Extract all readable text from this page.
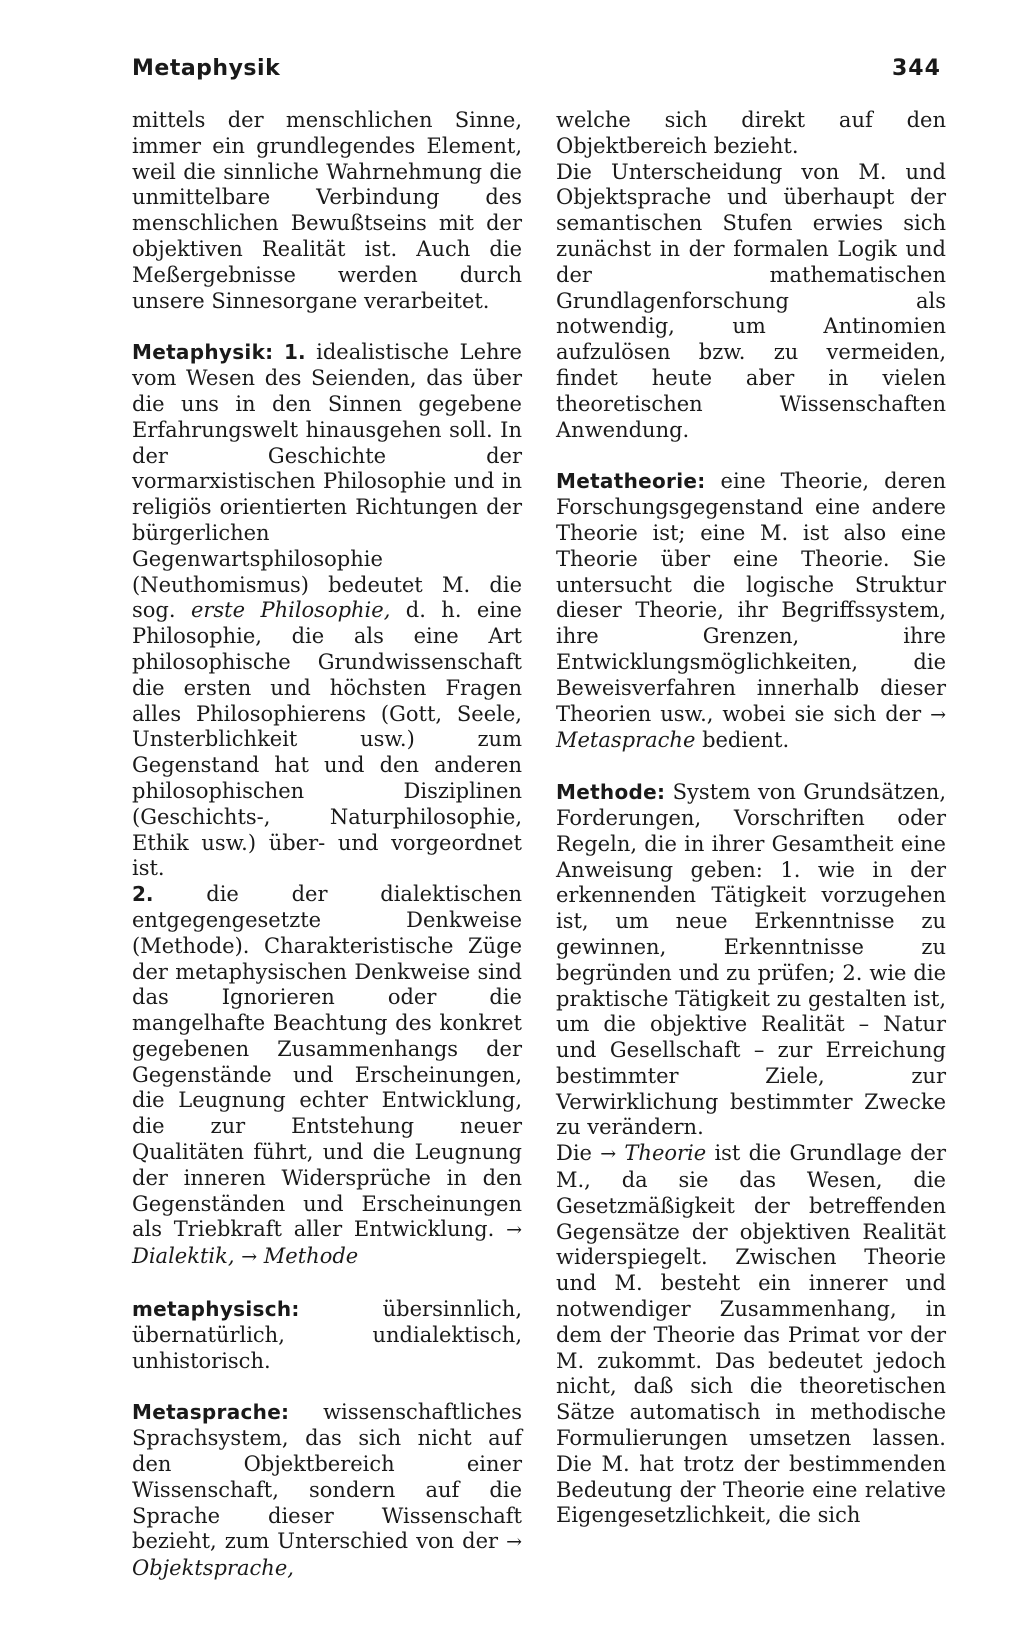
Metaphysik	344

mittels der menschlichen Sinne, immer ein grundlegendes Element, weil die sinnliche Wahrnehmung die unmittelbare Verbindung des menschlichen Bewußtseins mit der objektiven Realität ist. Auch die Meßergebnisse werden durch unsere Sinnesorgane verarbeitet.

Metaphysik: 1. idealistische Lehre vom Wesen des Seienden, das über die uns in den Sinnen gegebene Erfahrungswelt hinausgehen soll. In der Geschichte der vormarxistischen Philosophie und in religiös orientierten Richtungen der bürgerlichen Gegenwartsphilosophie (Neuthomismus) bedeutet M. die sog. erste Philosophie, d. h. eine Philosophie, die als eine Art philosophische Grundwissenschaft die ersten und höchsten Fragen alles Philosophierens (Gott, Seele, Unsterblichkeit usw.) zum Gegenstand hat und den anderen philosophischen Disziplinen (Geschichts-, Naturphilosophie, Ethik usw.) über- und vorgeordnet ist.

2. die der dialektischen entgegengesetzte Denkweise (Methode). Charakteristische Züge der metaphysischen Denkweise sind das Ignorieren oder die mangelhafte Beachtung des konkret gegebenen Zusammenhangs der Gegenstände und Erscheinungen, die Leugnung echter Entwicklung, die zur Entstehung neuer Qualitäten führt, und die Leugnung der inneren Widersprüche in den Gegenständen und Erscheinungen als Triebkraft aller Entwicklung. → Dialektik, → Methode

metaphysisch: übersinnlich, übernatürlich, undialektisch, unhistorisch.

Metasprache: wissenschaftliches Sprachsystem, das sich nicht auf den Objektbereich einer Wissenschaft, sondern auf die Sprache dieser Wissenschaft bezieht, zum Unterschied von der → Objektsprache,

welche sich direkt auf den Objektbereich bezieht.

Die Unterscheidung von M. und Objektsprache und überhaupt der semantischen Stufen erwies sich zunächst in der formalen Logik und der mathematischen Grundlagenforschung als notwendig, um Antinomien aufzulösen bzw. zu vermeiden, findet heute aber in vielen theoretischen Wissenschaften Anwendung.

Metatheorie: eine Theorie, deren Forschungsgegenstand eine andere Theorie ist; eine M. ist also eine Theorie über eine Theorie. Sie untersucht die logische Struktur dieser Theorie, ihr Begriffssystem, ihre Grenzen, ihre Entwicklungsmöglichkeiten, die Beweisverfahren innerhalb dieser Theorien usw., wobei sie sich der → Metasprache bedient.

Methode: System von Grundsätzen, Forderungen, Vorschriften oder Regeln, die in ihrer Gesamtheit eine Anweisung geben: 1. wie in der erkennenden Tätigkeit vorzugehen ist, um neue Erkenntnisse zu gewinnen, Erkenntnisse zu begründen und zu prüfen; 2. wie die praktische Tätigkeit zu gestalten ist, um die objektive Realität – Natur und Gesellschaft – zur Erreichung bestimmter Ziele, zur Verwirklichung bestimmter Zwecke zu verändern.

Die → Theorie ist die Grundlage der M., da sie das Wesen, die Gesetzmäßigkeit der betreffenden Gegensätze der objektiven Realität widerspiegelt. Zwischen Theorie und M. besteht ein innerer und notwendiger Zusammenhang, in dem der Theorie das Primat vor der M. zukommt. Das bedeutet jedoch nicht, daß sich die theoretischen Sätze automatisch in methodische Formulierungen umsetzen lassen. Die M. hat trotz der bestimmenden Bedeutung der Theorie eine relative Eigengesetzlichkeit, die sich
